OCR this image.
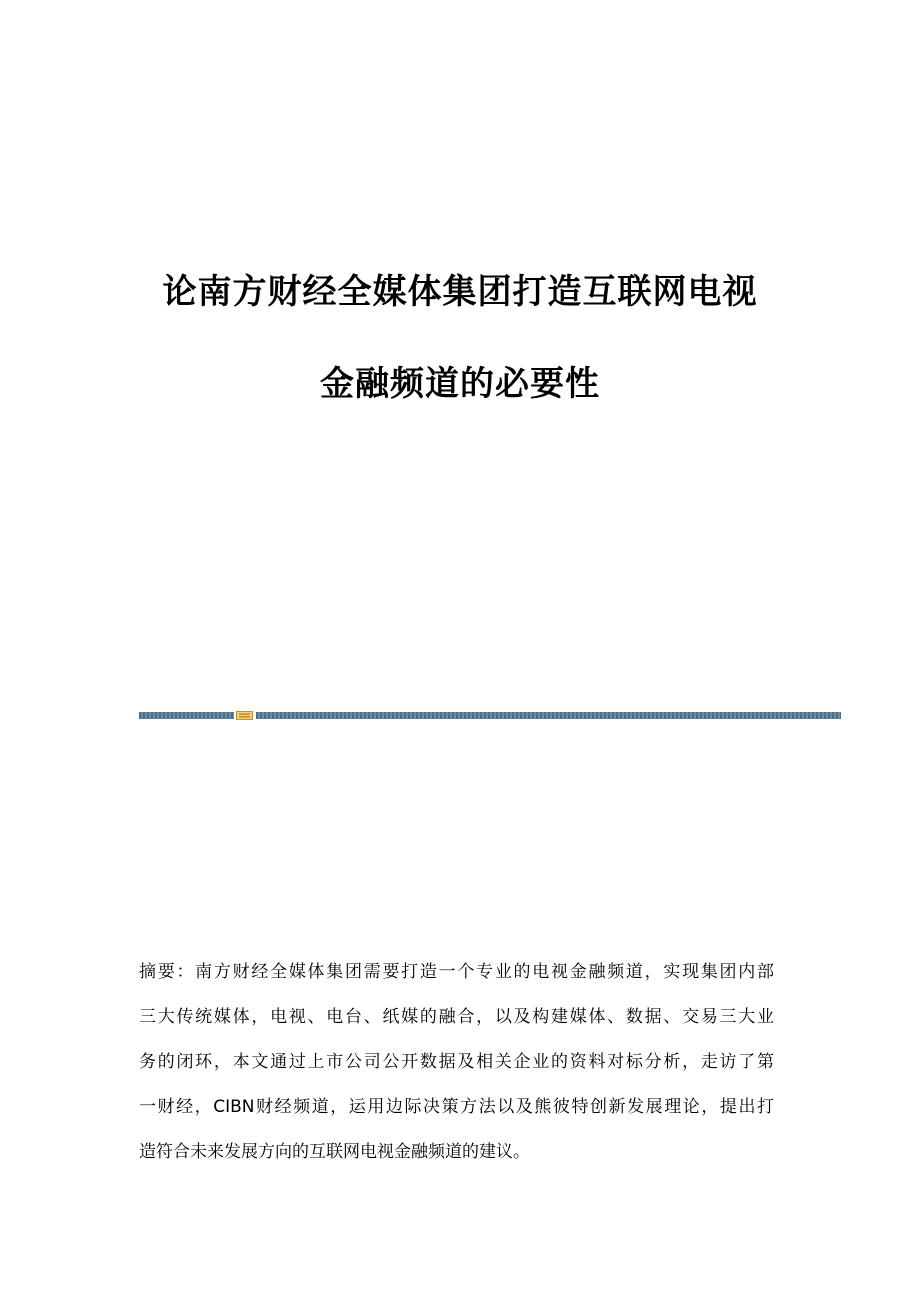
论南方财经全媒体集团打造互联网电视
金融频道的必要性
摘要：南方财经全媒体集团需要打造一个专业的电视金融频道，实现集团内部
三大传统媒体，电视、电台、纸媒的融合，以及构建媒体、数据、交易三大业
务的闭环，本文通过上市公司公开数据及相关企业的资料对标分析，走访了第
一财经，CIBN财经频道，运用边际决策方法以及熊彼特创新发展理论，提出打
造符合未来发展方向的互联网电视金融频道的建议。
